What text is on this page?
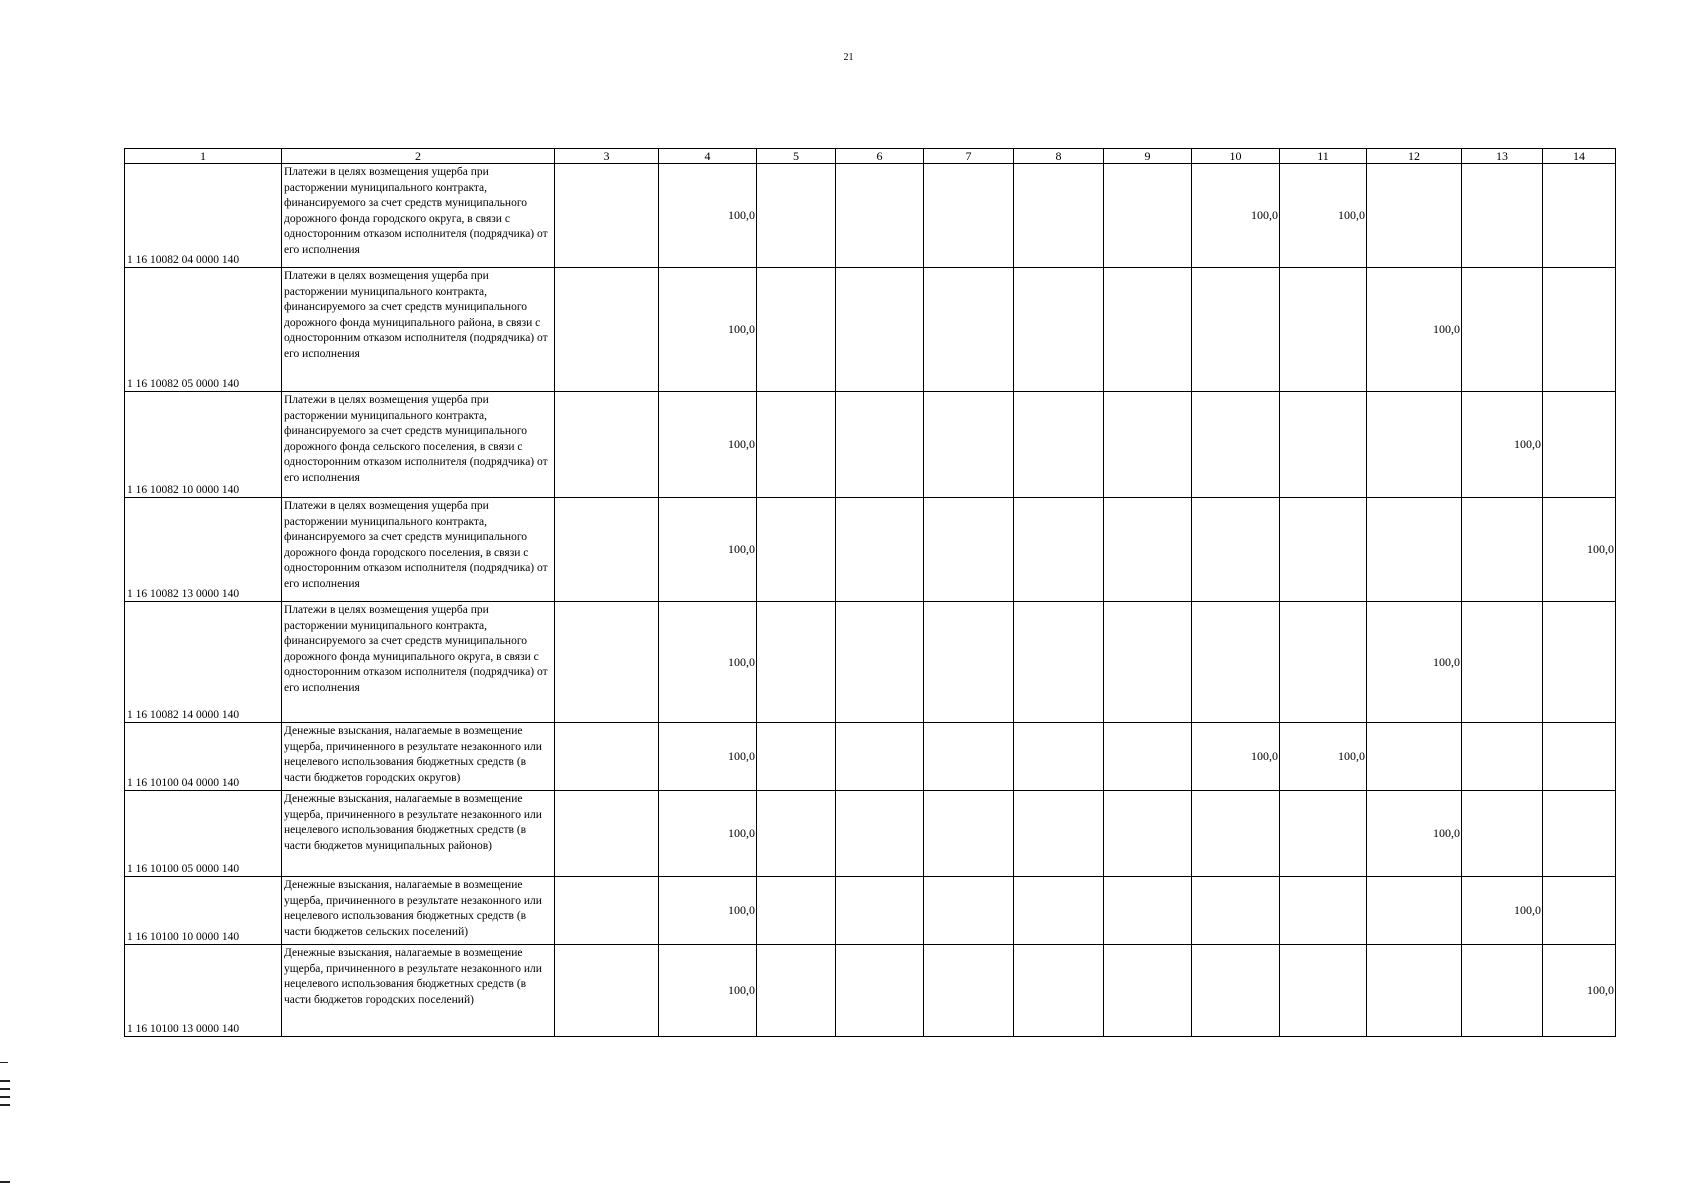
21
1	2	3	4	5	6	7	8	9	10	11	12	13	14
1 16 10082 04 0000 140	Платежи в целях возмещения ущерба при расторжении муниципального контракта, финансируемого за счет средств муниципального дорожного фонда городского округа, в связи с односторонним отказом исполнителя (подрядчика) от его исполнения		100,0						100,0	100,0			
1 16 10082 05 0000 140	Платежи в целях возмещения ущерба при расторжении муниципального контракта, финансируемого за счет средств муниципального дорожного фонда муниципального района, в связи с односторонним отказом исполнителя (подрядчика) от его исполнения		100,0								100,0		
1 16 10082 10 0000 140	Платежи в целях возмещения ущерба при расторжении муниципального контракта, финансируемого за счет средств муниципального дорожного фонда сельского поселения, в связи с односторонним отказом исполнителя (подрядчика) от его исполнения		100,0									100,0	
1 16 10082 13 0000 140	Платежи в целях возмещения ущерба при расторжении муниципального контракта, финансируемого за счет средств муниципального дорожного фонда городского поселения, в связи с односторонним отказом исполнителя (подрядчика) от его исполнения		100,0										100,0
1 16 10082 14 0000 140	Платежи в целях возмещения ущерба при расторжении муниципального контракта, финансируемого за счет средств муниципального дорожного фонда муниципального округа, в связи с односторонним отказом исполнителя (подрядчика) от его исполнения		100,0								100,0		
1 16 10100 04 0000 140	Денежные взыскания, налагаемые в возмещение ущерба, причиненного в результате незаконного или нецелевого использования бюджетных средств (в части бюджетов городских округов)		100,0						100,0	100,0			
1 16 10100 05 0000 140	Денежные взыскания, налагаемые в возмещение ущерба, причиненного в результате незаконного или нецелевого использования бюджетных средств (в части бюджетов муниципальных районов)		100,0								100,0		
1 16 10100 10 0000 140	Денежные взыскания, налагаемые в возмещение ущерба, причиненного в результате незаконного или нецелевого использования бюджетных средств (в части бюджетов сельских поселений)		100,0									100,0	
1 16 10100 13 0000 140	Денежные взыскания, налагаемые в возмещение ущерба, причиненного в результате незаконного или нецелевого использования бюджетных средств (в части бюджетов городских поселений)		100,0										100,0
